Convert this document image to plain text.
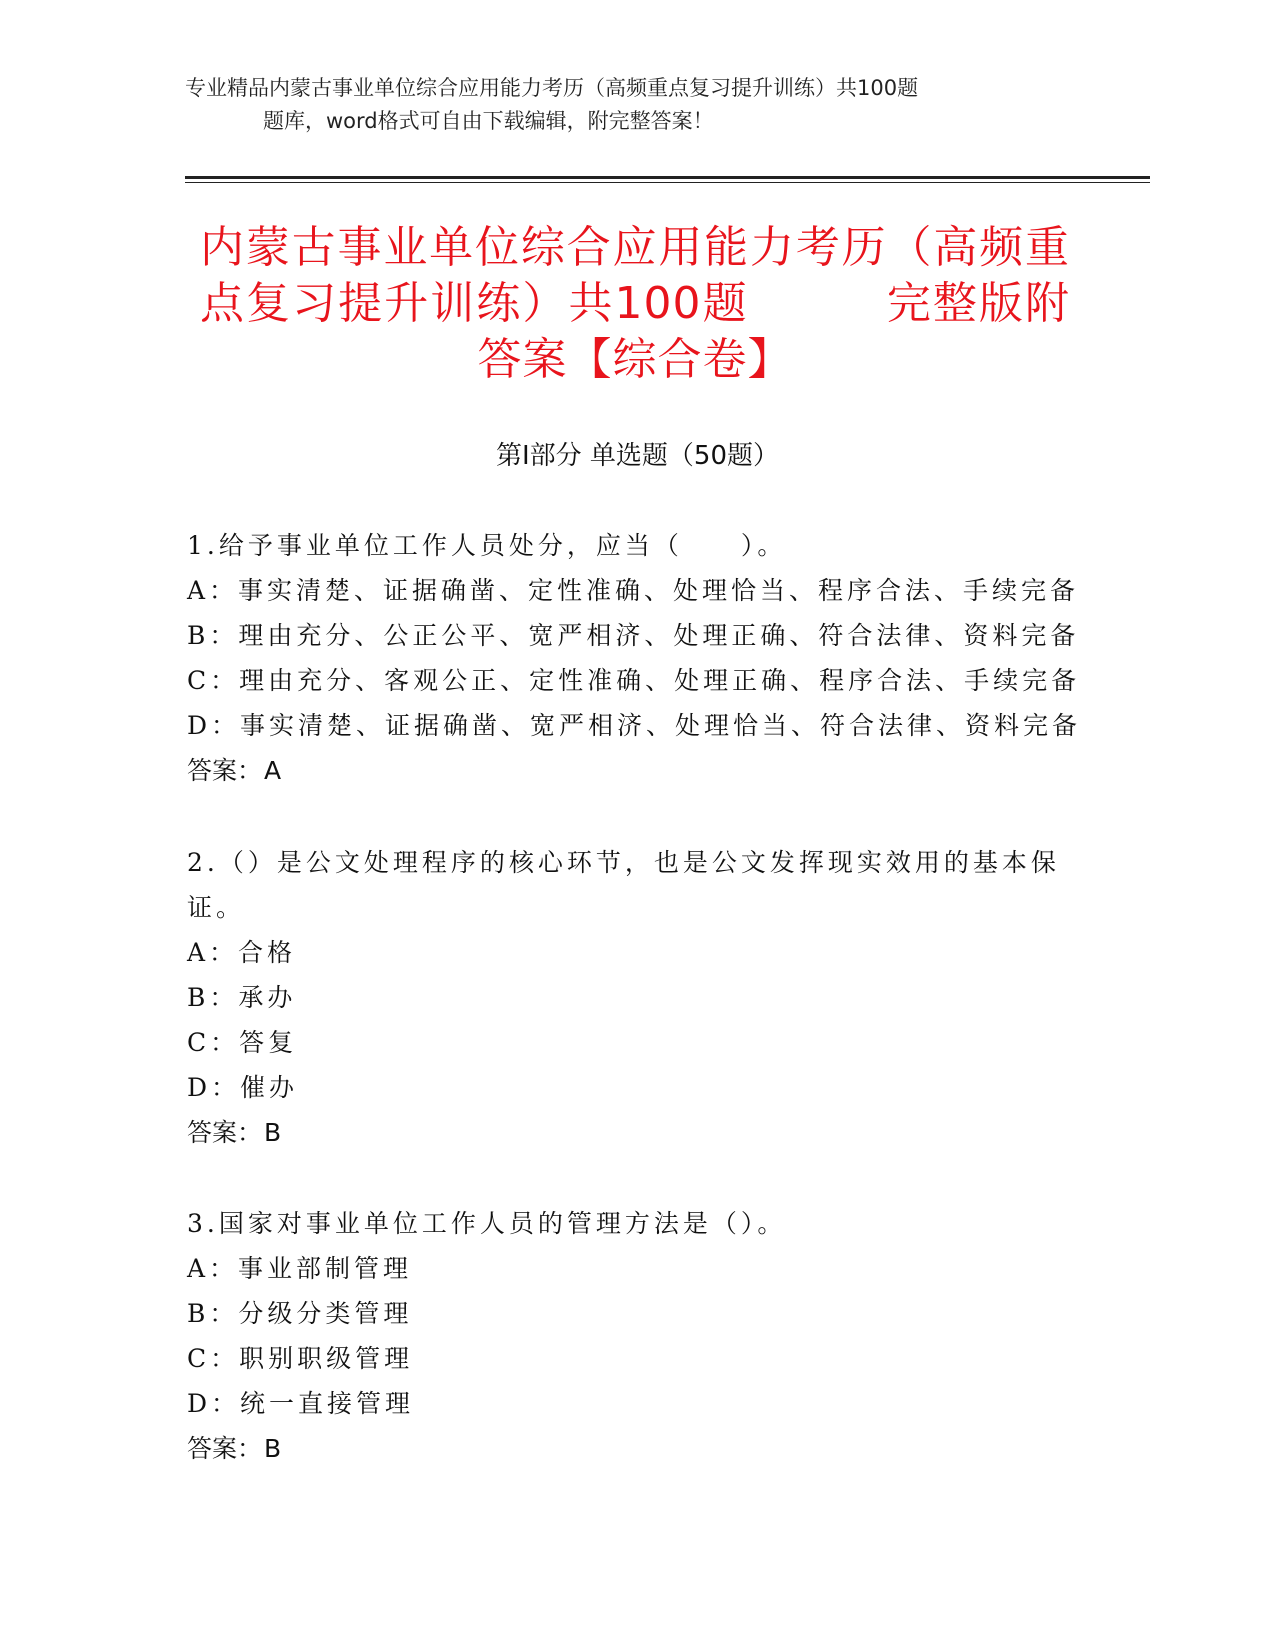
专业精品内蒙古事业单位综合应用能力考历（高频重点复习提升训练）共100题
题库，word格式可自由下载编辑，附完整答案！
内蒙古事业单位综合应用能力考历（高频重点复习提升训练）共100题　　　完整版附答案【综合卷】
第Ⅰ部分 单选题（50题）
1.给予事业单位工作人员处分，应当（　　）。
A：事实清楚、证据确凿、定性准确、处理恰当、程序合法、手续完备
B：理由充分、公正公平、宽严相济、处理正确、符合法律、资料完备
C：理由充分、客观公正、定性准确、处理正确、程序合法、手续完备
D：事实清楚、证据确凿、宽严相济、处理恰当、符合法律、资料完备
答案：A
2.（）是公文处理程序的核心环节，也是公文发挥现实效用的基本保证。
A：合格
B：承办
C：答复
D：催办
答案：B
3.国家对事业单位工作人员的管理方法是（）。
A：事业部制管理
B：分级分类管理
C：职别职级管理
D：统一直接管理
答案：B
